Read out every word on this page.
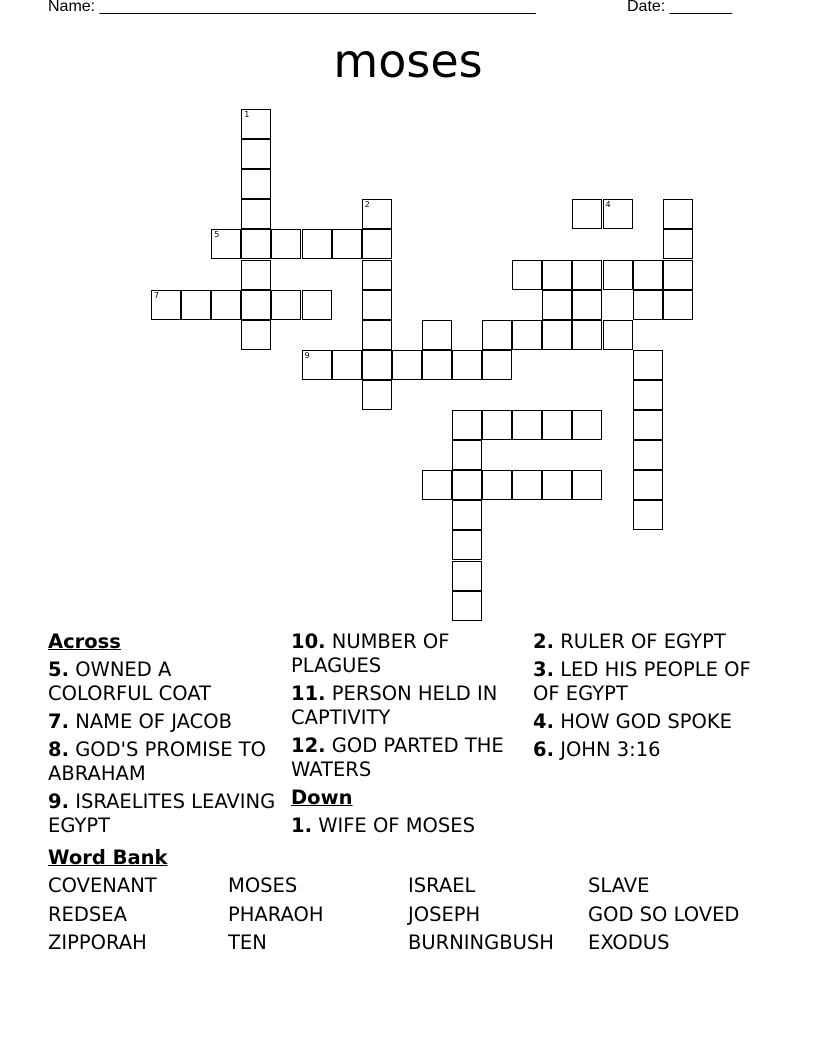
Name: _________________________________________________	Date: _______
moses
1
5
7
2
9
4
Across
5. OWNED A COLORFUL COAT
7. NAME OF JACOB
8. GOD'S PROMISE TO ABRAHAM
9. ISRAELITES LEAVING EGYPT
10. NUMBER OF PLAGUES
11. PERSON HELD IN CAPTIVITY
12. GOD PARTED THE WATERS
Down
1. WIFE OF MOSES
2. RULER OF EGYPT
3. LED HIS PEOPLE OF OF EGYPT
4. HOW GOD SPOKE
6. JOHN 3:16
Word Bank
COVENANT	MOSES	ISRAEL	SLAVE
REDSEA	PHARAOH	JOSEPH	GOD SO LOVED
ZIPPORAH	TEN	BURNINGBUSH EXODUS
